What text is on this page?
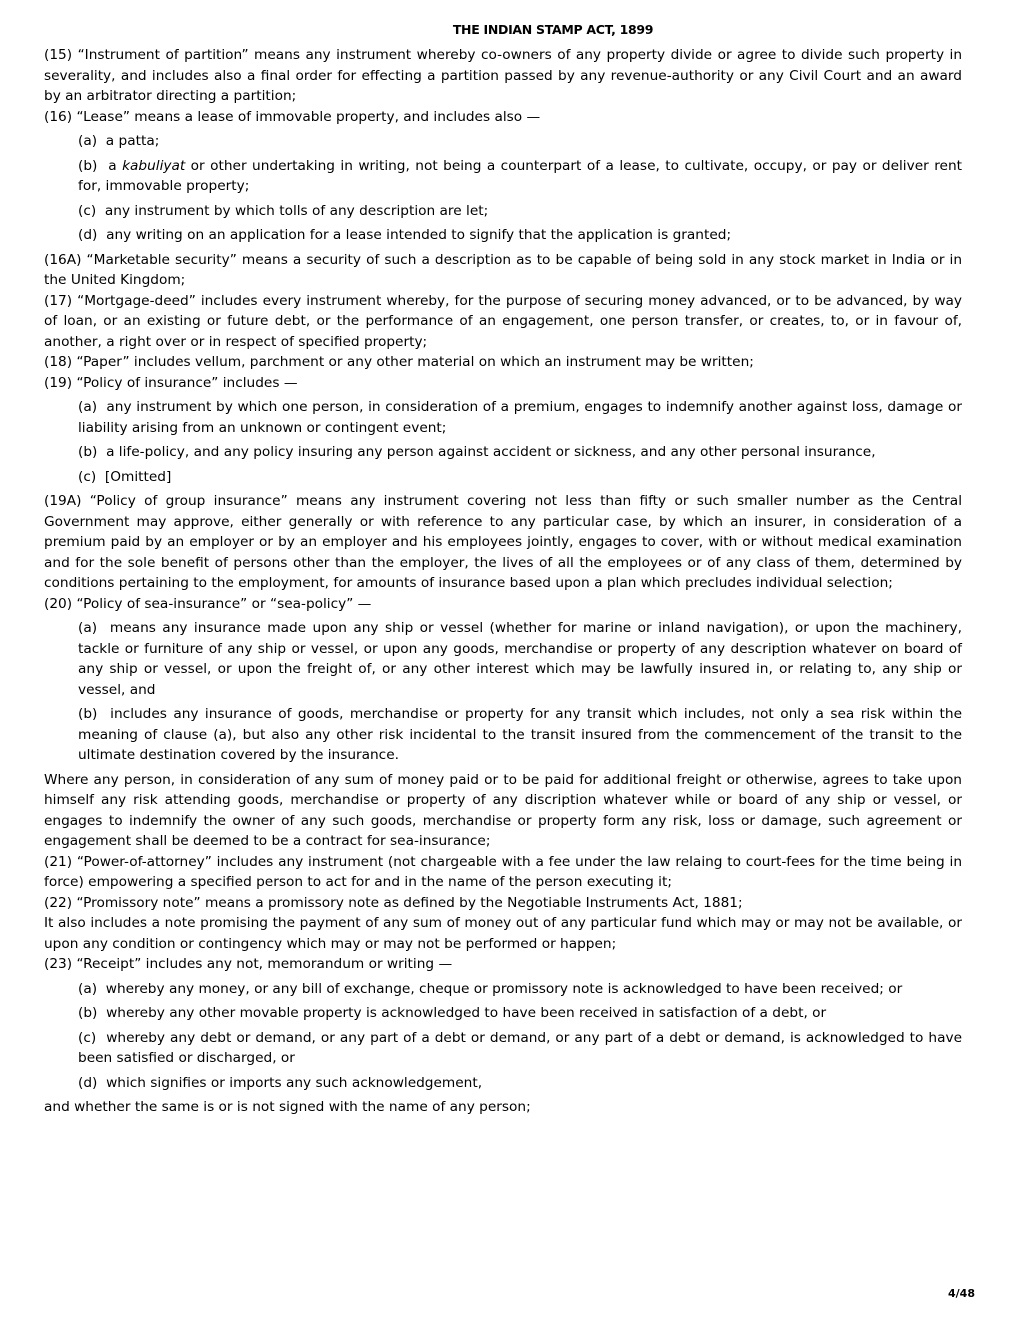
THE INDIAN STAMP ACT, 1899

(15) “Instrument of partition” means any instrument whereby co-owners of any property divide or agree to divide such property in severality, and includes also a final order for effecting a partition passed by any revenue-authority or any Civil Court and an award by an arbitrator directing a partition;

(16) “Lease” means a lease of immovable property, and includes also —

(a)  a patta;

(b)  a kabuliyat or other undertaking in writing, not being a counterpart of a lease, to cultivate, occupy, or pay or deliver rent for, immovable property;

(c)  any instrument by which tolls of any description are let;

(d)  any writing on an application for a lease intended to signify that the application is granted;

(16A) “Marketable security” means a security of such a description as to be capable of being sold in any stock market in India or in the United Kingdom;

(17) “Mortgage-deed” includes every instrument whereby, for the purpose of securing money advanced, or to be advanced, by way of loan, or an existing or future debt, or the performance of an engagement, one person transfer, or creates, to, or in favour of, another, a right over or in respect of specified property;

(18) “Paper” includes vellum, parchment or any other material on which an instrument may be written;

(19) “Policy of insurance” includes —

(a)  any instrument by which one person, in consideration of a premium, engages to indemnify another against loss, damage or liability arising from an unknown or contingent event;

(b)  a life-policy, and any policy insuring any person against accident or sickness, and any other personal insurance,

(c)  [Omitted]

(19A) “Policy of group insurance” means any instrument covering not less than fifty or such smaller number as the Central Government may approve, either generally or with reference to any particular case, by which an insurer, in consideration of a premium paid by an employer or by an employer and his employees jointly, engages to cover, with or without medical examination and for the sole benefit of persons other than the employer, the lives of all the employees or of any class of them, determined by conditions pertaining to the employment, for amounts of insurance based upon a plan which precludes individual selection;

(20) “Policy of sea-insurance” or “sea-policy” —

(a)  means any insurance made upon any ship or vessel (whether for marine or inland navigation), or upon the machinery, tackle or furniture of any ship or vessel, or upon any goods, merchandise or property of any description whatever on board of any ship or vessel, or upon the freight of, or any other interest which may be lawfully insured in, or relating to, any ship or vessel, and

(b)  includes any insurance of goods, merchandise or property for any transit which includes, not only a sea risk within the meaning of clause (a), but also any other risk incidental to the transit insured from the commencement of the transit to the ultimate destination covered by the insurance.

Where any person, in consideration of any sum of money paid or to be paid for additional freight or otherwise, agrees to take upon himself any risk attending goods, merchandise or property of any discription whatever while or board of any ship or vessel, or engages to indemnify the owner of any such goods, merchandise or property form any risk, loss or damage, such agreement or engagement shall be deemed to be a contract for sea-insurance;

(21) “Power-of-attorney” includes any instrument (not chargeable with a fee under the law relaing to court-fees for the time being in force) empowering a specified person to act for and in the name of the person executing it;

(22) “Promissory note” means a promissory note as defined by the Negotiable Instruments Act, 1881;

It also includes a note promising the payment of any sum of money out of any particular fund which may or may not be available, or upon any condition or contingency which may or may not be performed or happen;

(23) “Receipt” includes any not, memorandum or writing —

(a)  whereby any money, or any bill of exchange, cheque or promissory note is acknowledged to have been received; or

(b)  whereby any other movable property is acknowledged to have been received in satisfaction of a debt, or

(c)  whereby any debt or demand, or any part of a debt or demand, or any part of a debt or demand, is acknowledged to have been satisfied or discharged, or

(d)  which signifies or imports any such acknowledgement,

and whether the same is or is not signed with the name of any person;

4/48
